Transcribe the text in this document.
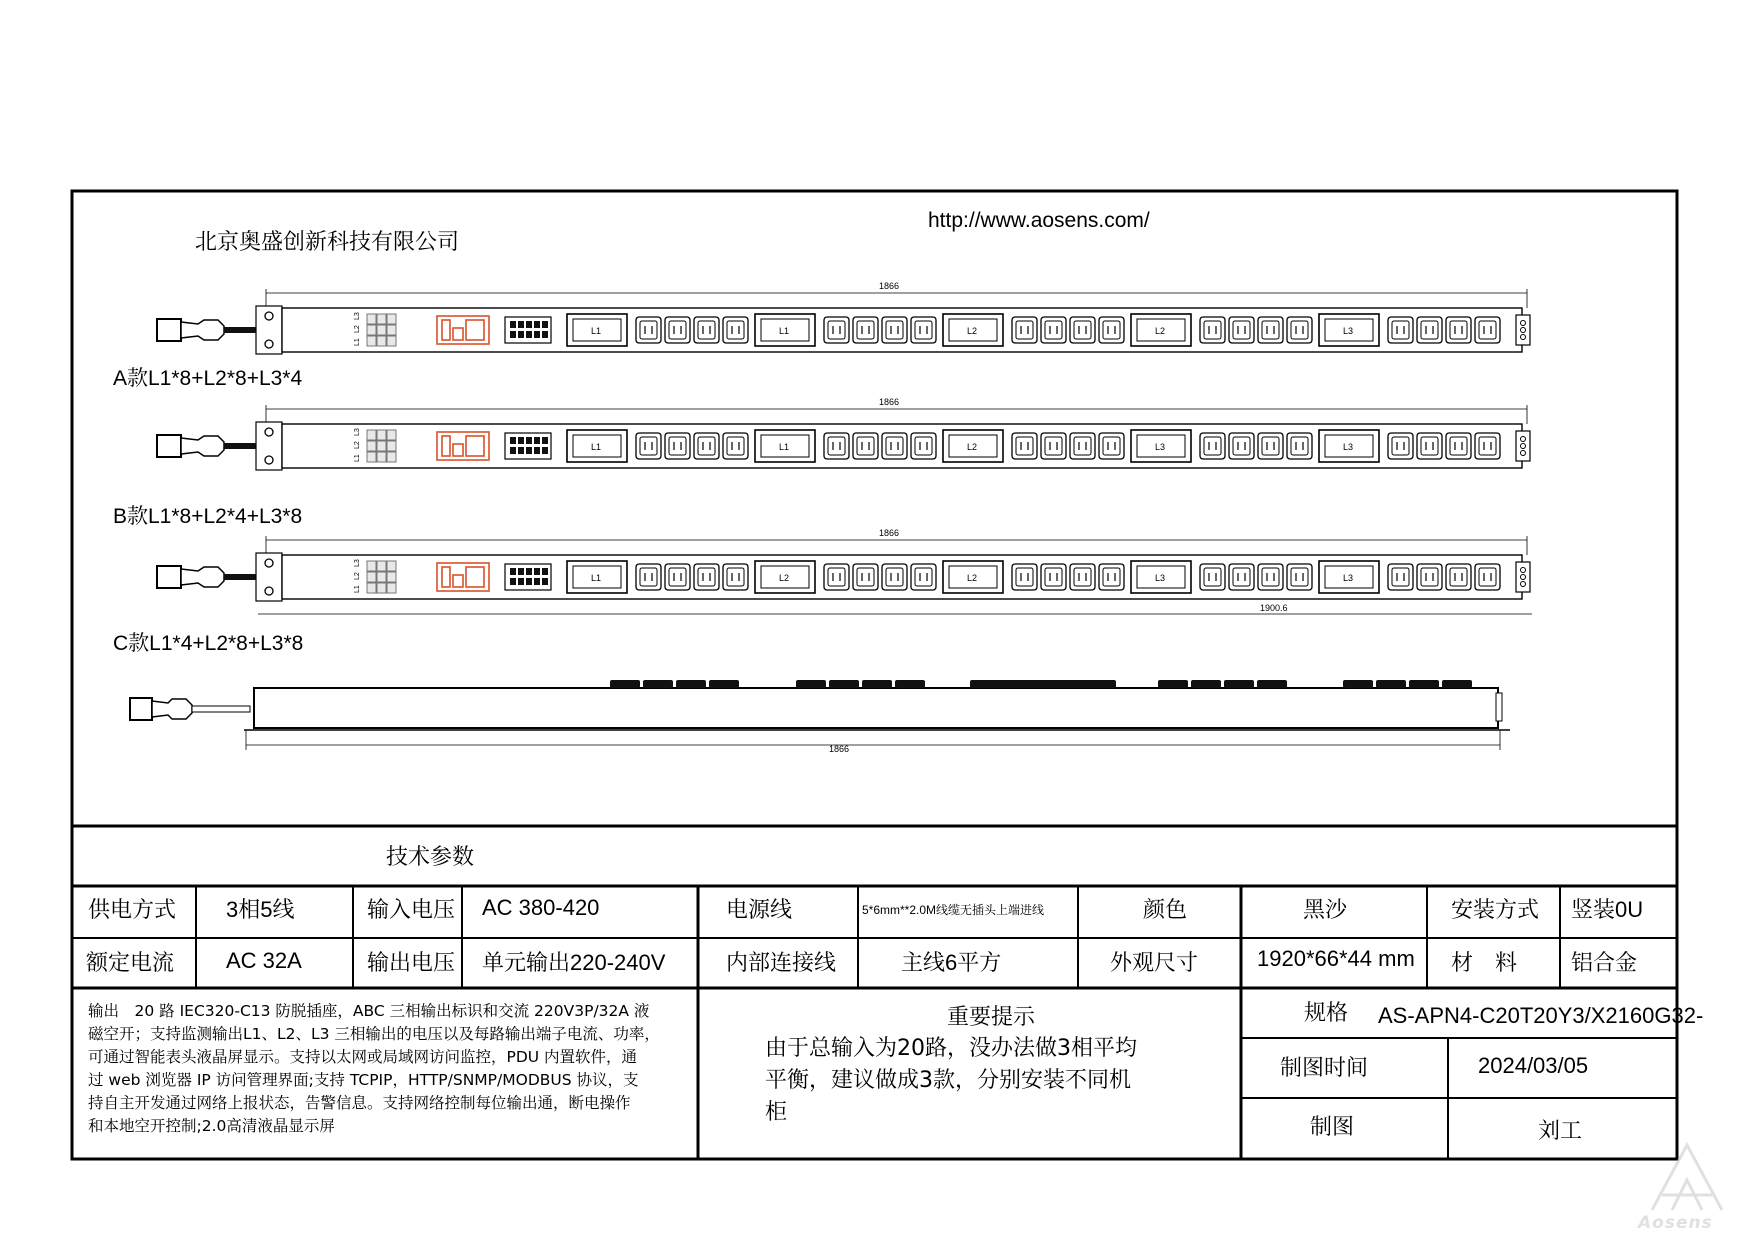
L1
L2
L3
L1	L1	L2	L2	L3
L1
L2
L3
L1	L1	L2	L3	L3
L1
L2
L3
L1	L2	L2	L3	L3
北京奥盛创新科技有限公司
http://www.aosens.com/
A款L1*8+L2*8+L3*4
B款L1*8+L2*4+L3*8
C款L1*4+L2*8+L3*8
1866
1866
1866
1900.6
1866
技术参数
供电方式 3相5线	输入电压 AC 380-420	电源线	5*6mm**2.0M线缆无插头上端进线	颜色	黑沙	安装方式 竖装0U
额定电流 AC 32A	输出电压 单元输出220-240V	内部连接线	主线6平方	外观尺寸	1920*66*44 mm	材　料 铝合金
输出　20 路 IEC320-C13 防脱插座，ABC 三相输出标识和交流 220V3P/32A 液
磁空开；支持监测输出L1、L2、L3 三相输出的电压以及每路输出端子电流、功率，
可通过智能表头液晶屏显示。支持以太网或局域网访问监控，PDU 内置软件，通
过 web 浏览器 IP 访问管理界面;支持 TCPIP，HTTP/SNMP/MODBUS 协议，支
持自主开发通过网络上报状态，告警信息。支持网络控制每位输出通，断电操作
和本地空开控制;2.0高清液晶显示屏
重要提示
由于总输入为20路，没办法做3相平均
平衡，建议做成3款，分别安装不同机
柜
规格 AS-APN4-C20T20Y3/X2160G32-
制图时间	2024/03/05
制图	刘工
Aosens
